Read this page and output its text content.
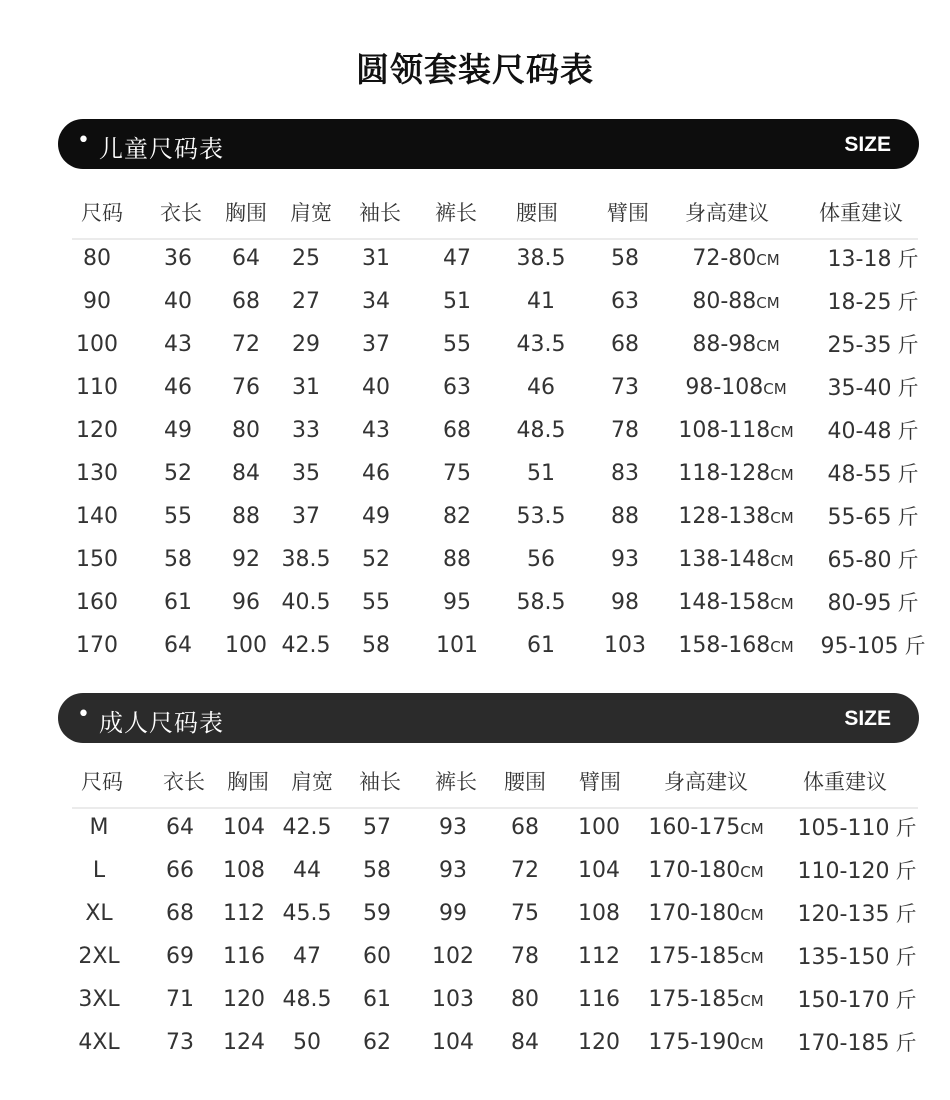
圆领套装尺码表
• 儿童尺码表	SIZE
尺码 衣长 胸围 肩宽 袖长 裤长 腰围 臂围 身高建议 体重建议
80 36 64 25 31 47 38.5 58 72-80CM 13-18 斤
90 40 68 27 34 51	41	63 80-88CM 18-25 斤
100 43 72 29 37 55 43.5 68 88-98CM 25-35 斤
110 46 76 31 40 63	46	73 98-108CM 35-40 斤
120 49 80 33 43 68 48.5 78 108-118CM 40-48 斤
130 52 84 35 46 75	51	83 118-128CM 48-55 斤
140 55 88 37 49 82 53.5 88 128-138CM 55-65 斤
150 58 92 38.5 52 88	56	93 138-148CM 65-80 斤
160 61 96 40.5 55 95 58.5 98 148-158CM 80-95 斤
170 64 100 42.5 58 101 61 103 158-168CM 95-105 斤
• 成人尺码表	SIZE
尺码 衣长 胸围 肩宽 袖长 裤长 腰围 臂围 身高建议	体重建议
M	64 104 42.5 57 93 68 100 160-175CM 105-110 斤
L	66 108 44 58 93 72 104 170-180CM 110-120 斤
XL 68 112 45.5 59 99 75 108 170-180CM 120-135 斤
2XL 69 116 47 60 102 78 112 175-185CM 135-150 斤
3XL 71 120 48.5 61 103 80 116 175-185CM 150-170 斤
4XL 73 124 50 62 104 84 120 175-190CM 170-185 斤
